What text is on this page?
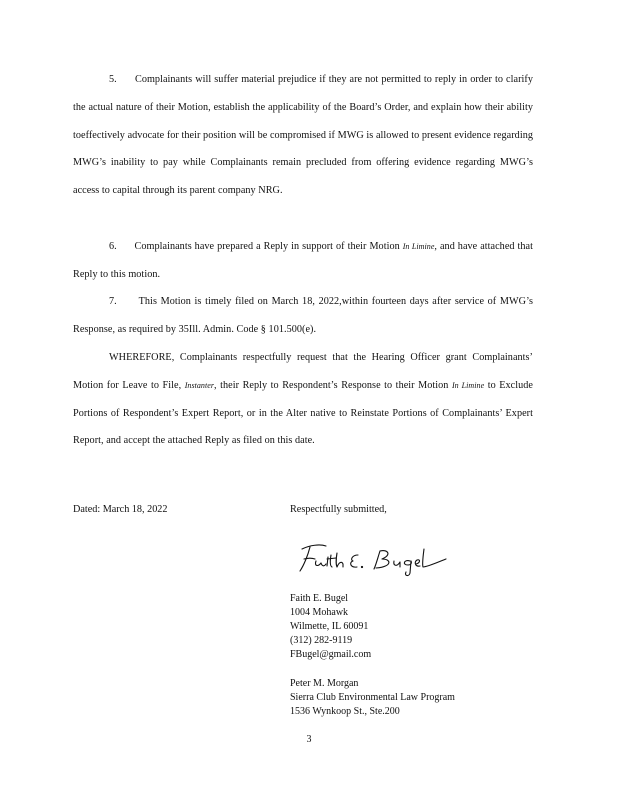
5. Complainants will suffer material prejudice if they are not permitted to reply in order to clarify the actual nature of their Motion, establish the applicability of the Board’s Order, and explain how their ability toeffectively advocate for their position will be compromised if MWG is allowed to present evidence regarding MWG’s inability to pay while Complainants remain precluded from offering evidence regarding MWG’s access to capital through its parent company NRG.
6. Complainants have prepared a Reply in support of their Motion In Limine, and have attached that Reply to this motion.
7. This Motion is timely filed on March 18, 2022,within fourteen days after service of MWG’s Response, as required by 35Ill. Admin. Code § 101.500(e).
WHEREFORE, Complainants respectfully request that the Hearing Officer grant Complainants’ Motion for Leave to File, Instanter, their Reply to Respondent’s Response to their Motion In Limine to Exclude Portions of Respondent’s Expert Report, or in the Alter native to Reinstate Portions of Complainants’ Expert Report, and accept the attached Reply as filed on this date.
Dated: March 18, 2022	Respectfully submitted,
Faith E. Bugel
1004 Mohawk
Wilmette, IL 60091
(312) 282-9119
FBugel@gmail.com
Peter M. Morgan
Sierra Club Environmental Law Program
1536 Wynkoop St., Ste.200
3
